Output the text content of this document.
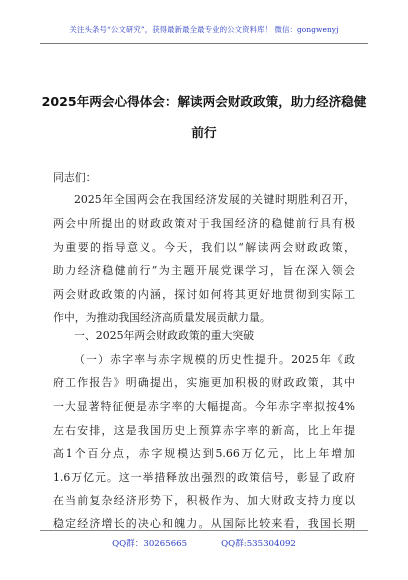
关注头条号“公文研究”，获得最新最全最专业的公文资料库！ 微信：gongwenyj
2025年两会心得体会：解读两会财政政策，助力经济稳健
前行
同志们：
2025年全国两会在我国经济发展的关键时期胜利召开，
两会中所提出的财政政策对于我国经济的稳健前行具有极
为重要的指导意义。今天，我们以“解读两会财政政策，
助力经济稳健前行”为主题开展党课学习，旨在深入领会
两会财政政策的内涵，探讨如何将其更好地贯彻到实际工
作中，为推动我国经济高质量发展贡献力量。
一、2025年两会财政政策的重大突破
（一）赤字率与赤字规模的历史性提升。2025年《政
府工作报告》明确提出，实施更加积极的财政政策，其中
一大显著特征便是赤字率的大幅提高。今年赤字率拟按4%
左右安排，这是我国历史上预算赤字率的新高，比上年提
高1个百分点，赤字规模达到5.66万亿元，比上年增加
1.6万亿元。这一举措释放出强烈的政策信号，彰显了政府
在当前复杂经济形势下，积极作为、加大财政支持力度以
稳定经济增长的决心和魄力。从国际比较来看，我国长期
QQ群：30265665	QQ群:535304092
